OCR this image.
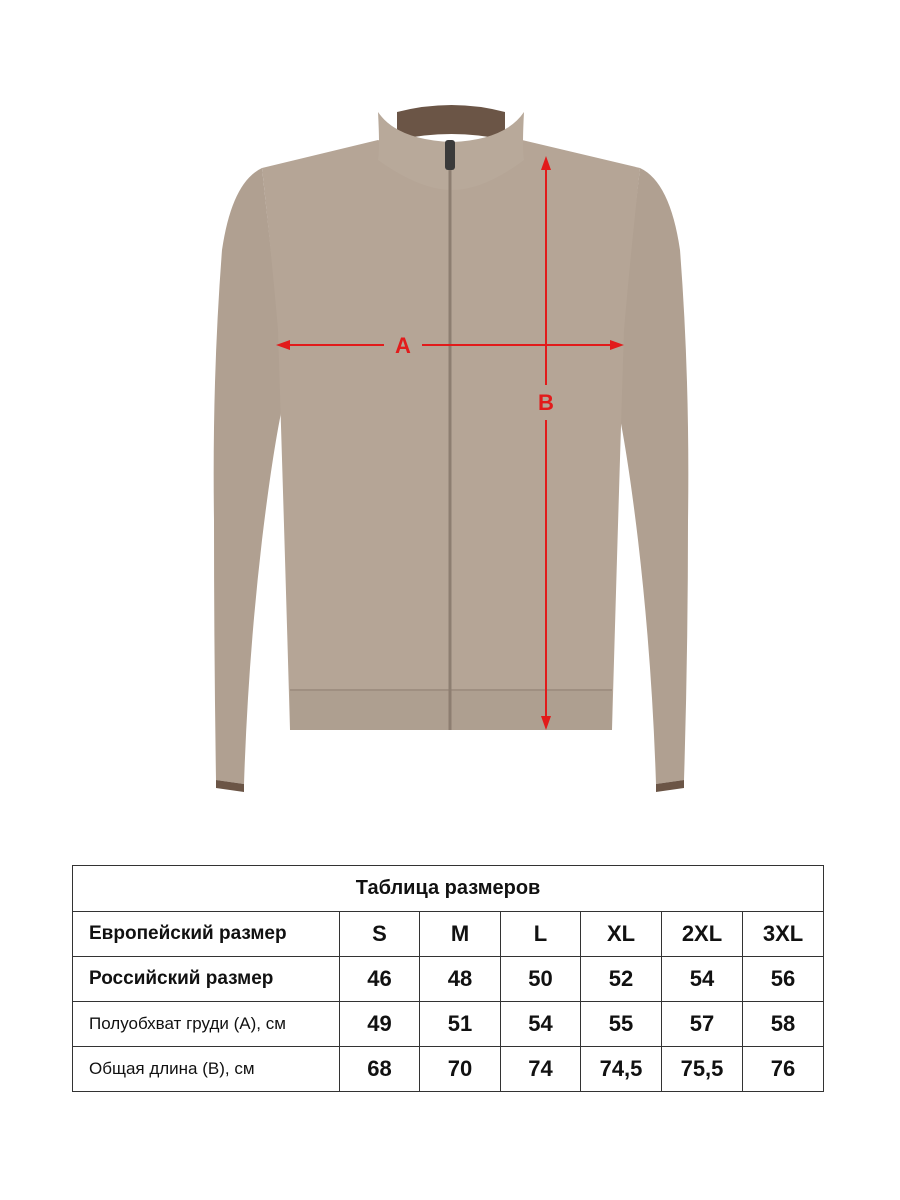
A
B
Таблица размеров						
Европейский размер	S	M	L	XL	2XL	3XL
Российский размер	46	48	50	52	54	56
Полуобхват груди (А), см	49	51	54	55	57	58
Общая длина (В), см	68	70	74	74,5	75,5	76
